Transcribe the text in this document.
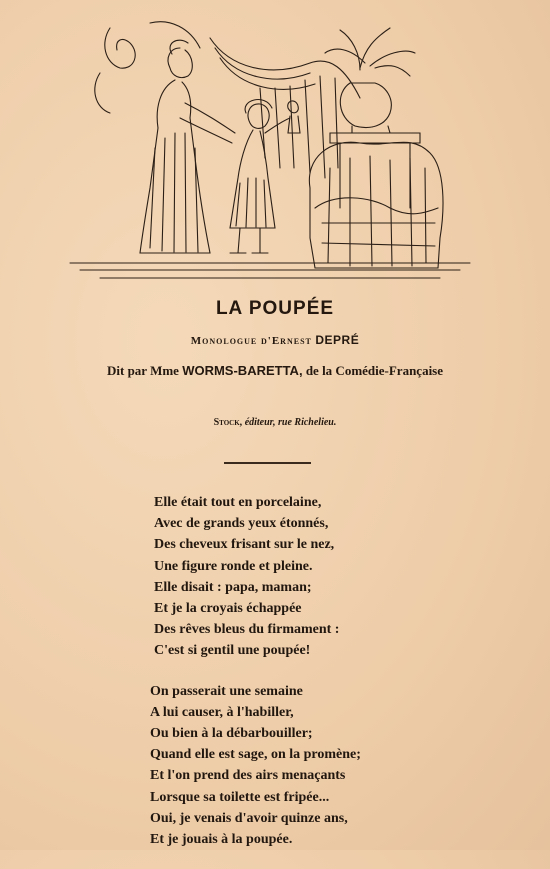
LA POUPÉE
Monologue d'Ernest DEPRÉ
Dit par Mme WORMS-BARETTA, de la Comédie-Française
Stock, éditeur, rue Richelieu.
Elle était tout en porcelaine,
Avec de grands yeux étonnés,
Des cheveux frisant sur le nez,
Une figure ronde et pleine.
Elle disait : papa, maman;
Et je la croyais échappée
Des rêves bleus du firmament :
C'est si gentil une poupée!
On passerait une semaine
A lui causer, à l'habiller,
Ou bien à la débarbouiller;
Quand elle est sage, on la promène;
Et l'on prend des airs menaçants
Lorsque sa toilette est fripée...
Oui, je venais d'avoir quinze ans,
Et je jouais à la poupée.
